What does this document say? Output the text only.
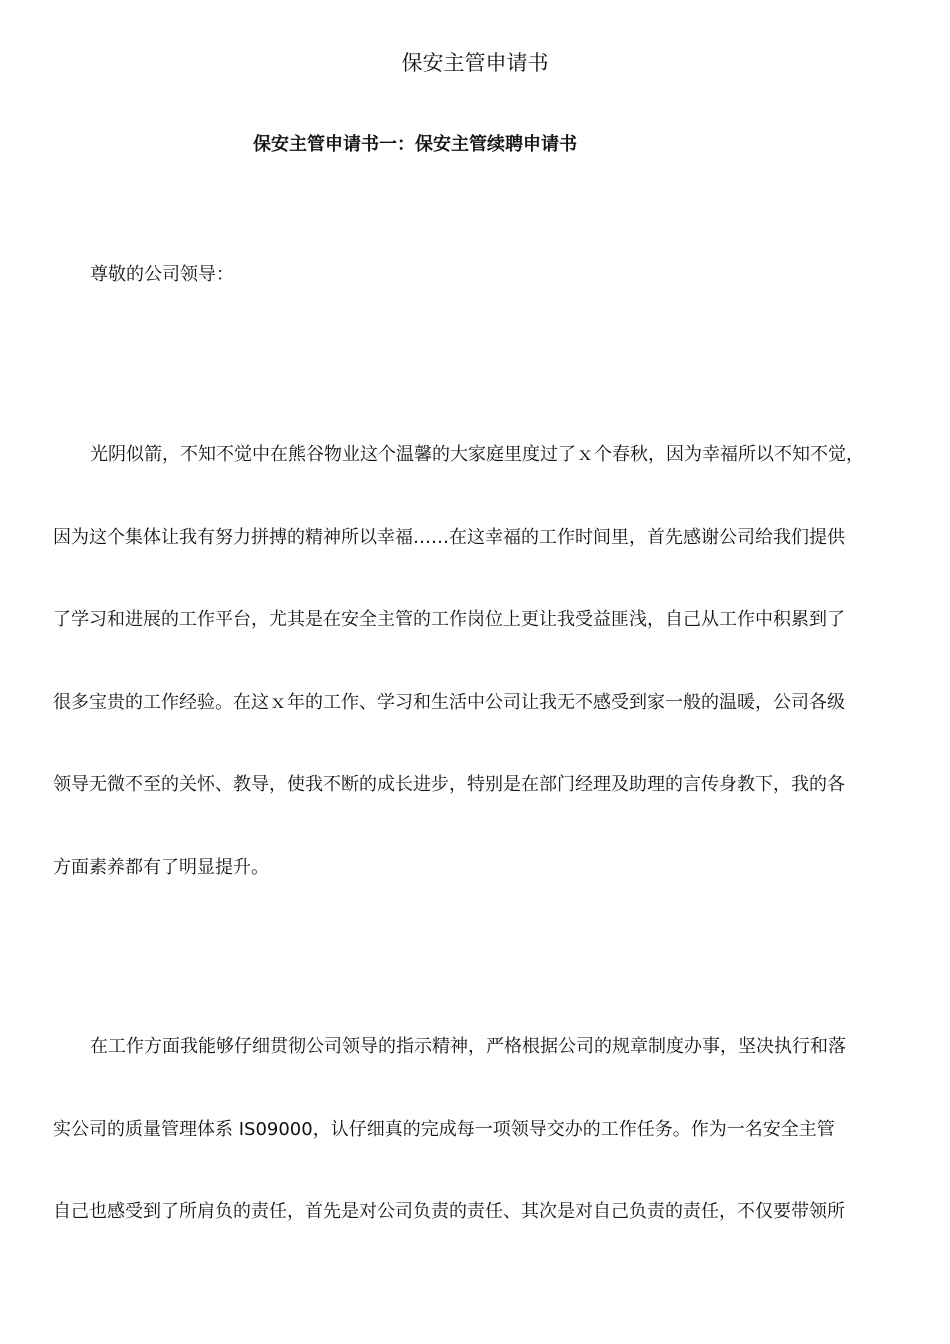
保安主管申请书
保安主管申请书一：保安主管续聘申请书
尊敬的公司领导：
光阴似箭，不知不觉中在熊谷物业这个温馨的大家庭里度过了ｘ个春秋，因为幸福所以不知不觉，
因为这个集体让我有努力拼搏的精神所以幸福……在这幸福的工作时间里，首先感谢公司给我们提供
了学习和进展的工作平台，尤其是在安全主管的工作岗位上更让我受益匪浅，自己从工作中积累到了
很多宝贵的工作经验。在这ｘ年的工作、学习和生活中公司让我无不感受到家一般的温暖，公司各级
领导无微不至的关怀、教导，使我不断的成长进步，特别是在部门经理及助理的言传身教下，我的各
方面素养都有了明显提升。
在工作方面我能够仔细贯彻公司领导的指示精神，严格根据公司的规章制度办事，坚决执行和落
实公司的质量管理体系 IS09000，认仔细真的完成每一项领导交办的工作任务。作为一名安全主管
自己也感受到了所肩负的责任，首先是对公司负责的责任、其次是对自己负责的责任，不仅要带领所
